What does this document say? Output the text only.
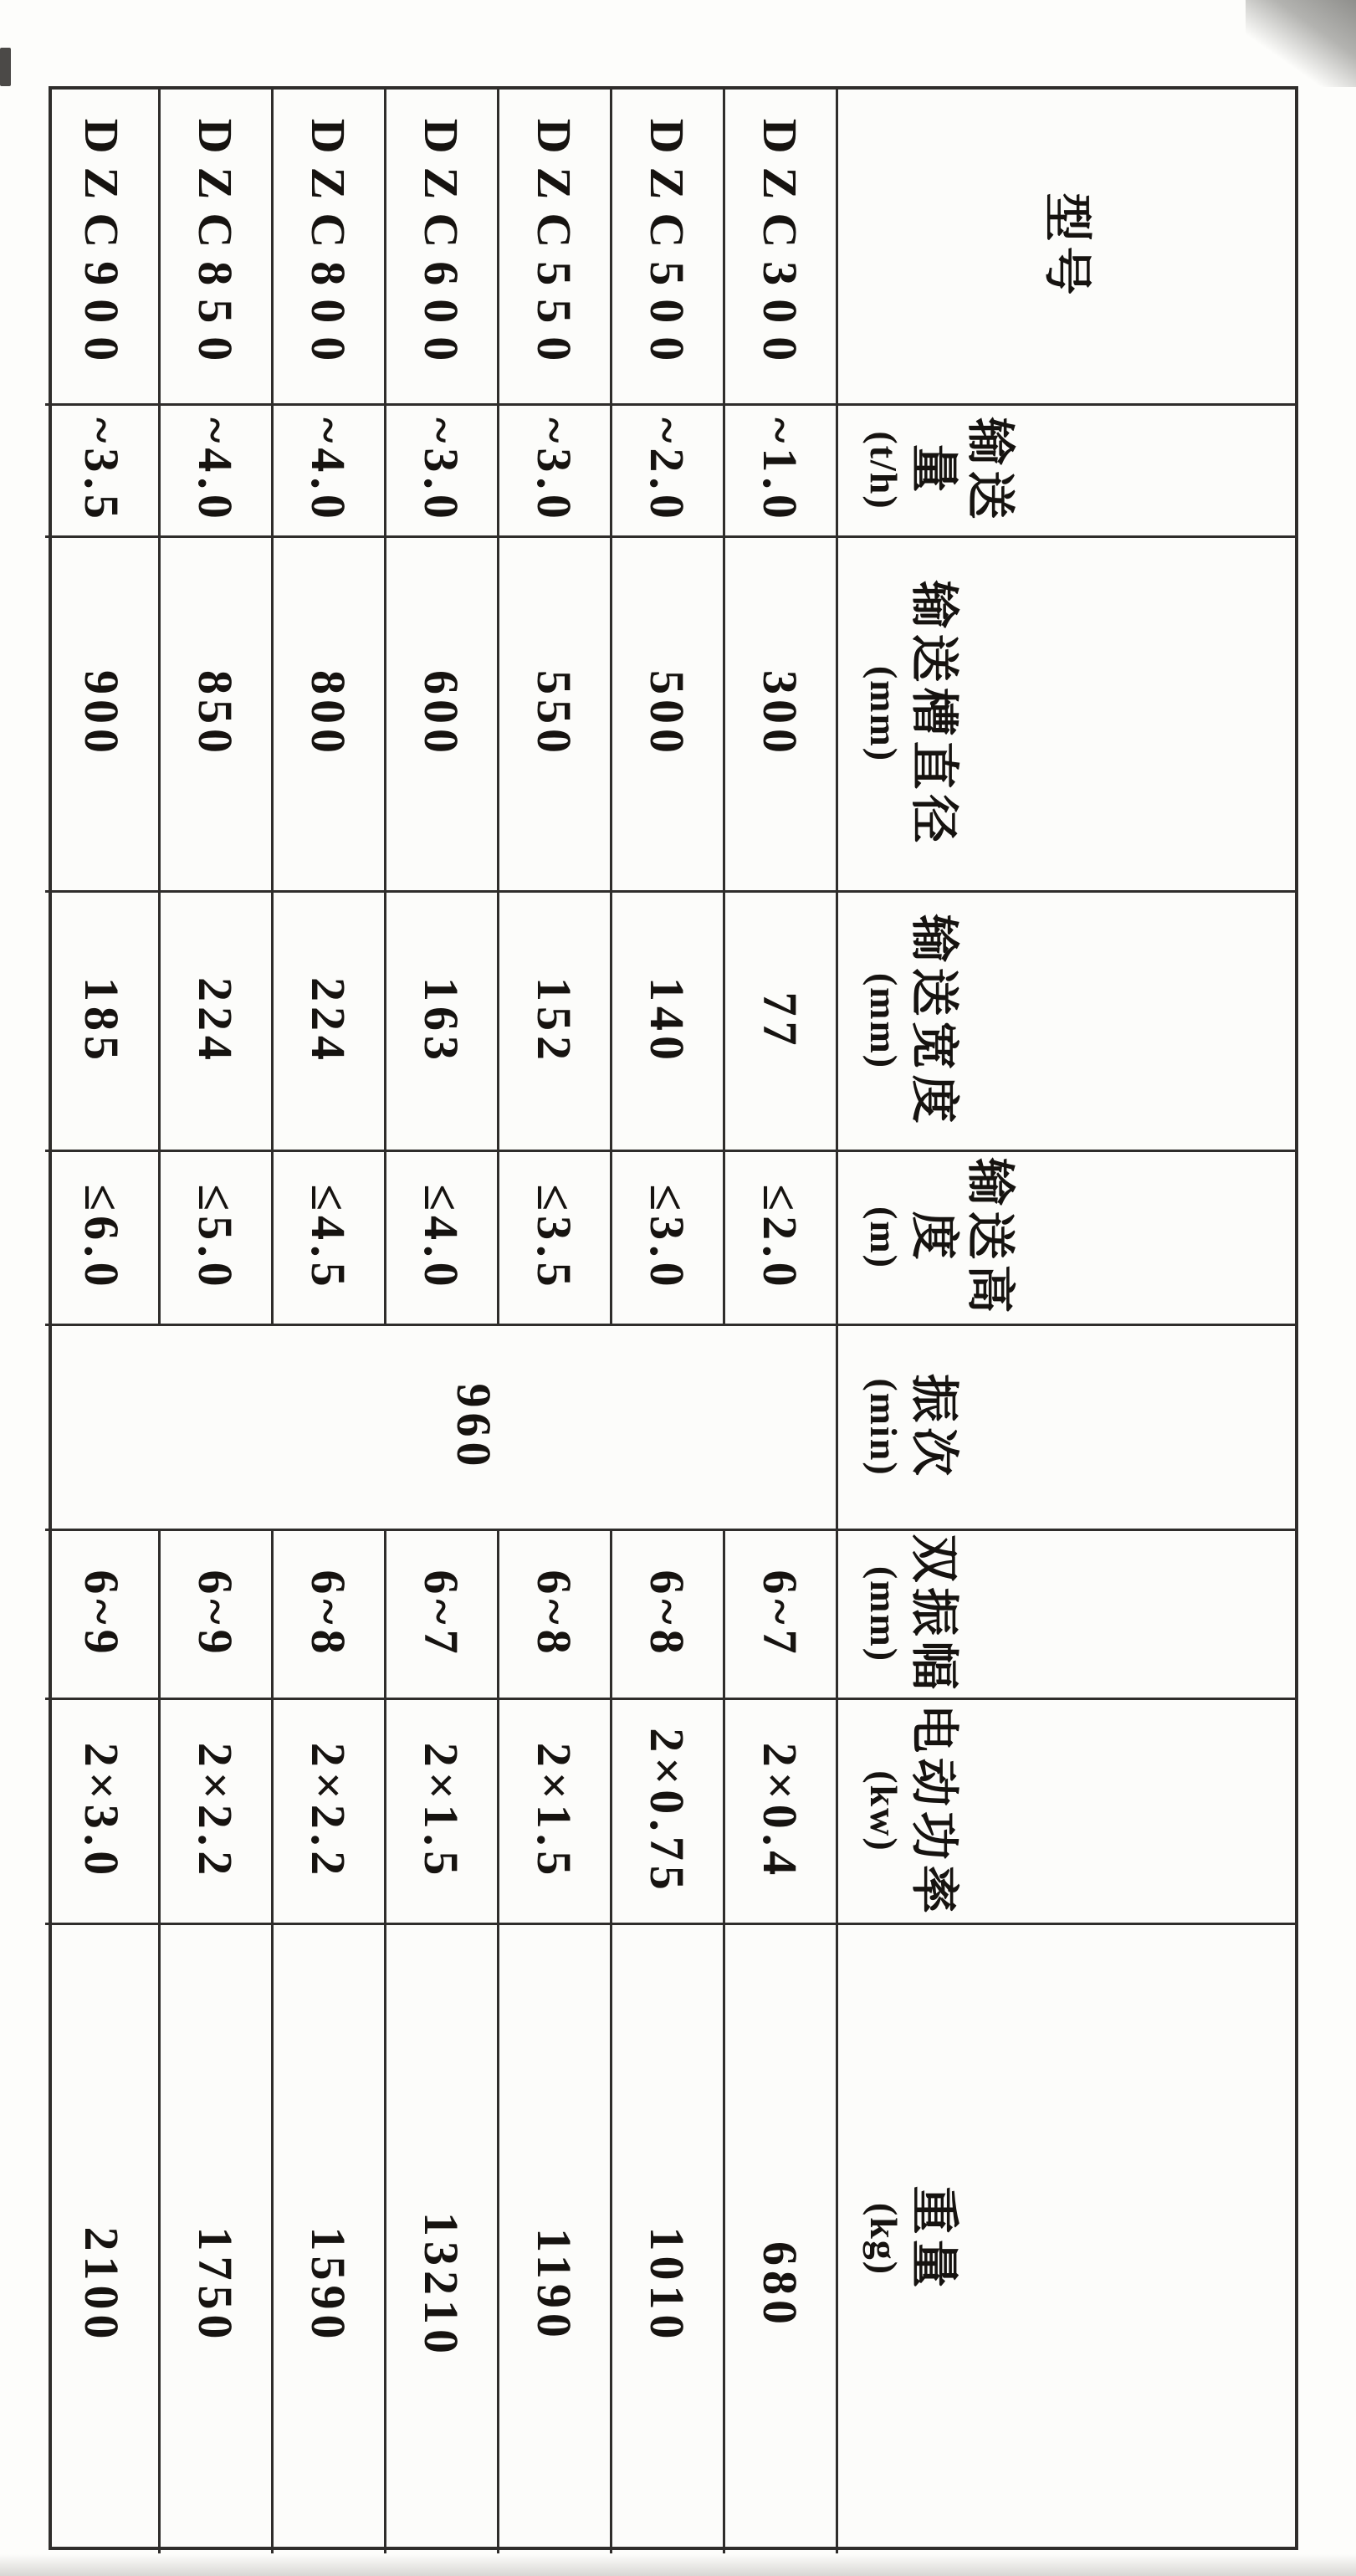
型号
输送
量
(t/h)
输送槽直径
(mm)
输送宽度
(mm)
输送高
度
(m)
振次
(min)
双振幅
(mm)
电动功率
(kw)
重量
(kg)
960
DZC300
~1.0
300
77
≤2.0
6~7
2×0.4
680
DZC500
~2.0
500
140
≤3.0
6~8
2×0.75
1010
DZC550
~3.0
550
152
≤3.5
6~8
2×1.5
1190
DZC600
~3.0
600
163
≤4.0
6~7
2×1.5
13210
DZC800
~4.0
800
224
≤4.5
6~8
2×2.2
1590
DZC850
~4.0
850
224
≤5.0
6~9
2×2.2
1750
DZC900
~3.5
900
185
≤6.0
6~9
2×3.0
2100
